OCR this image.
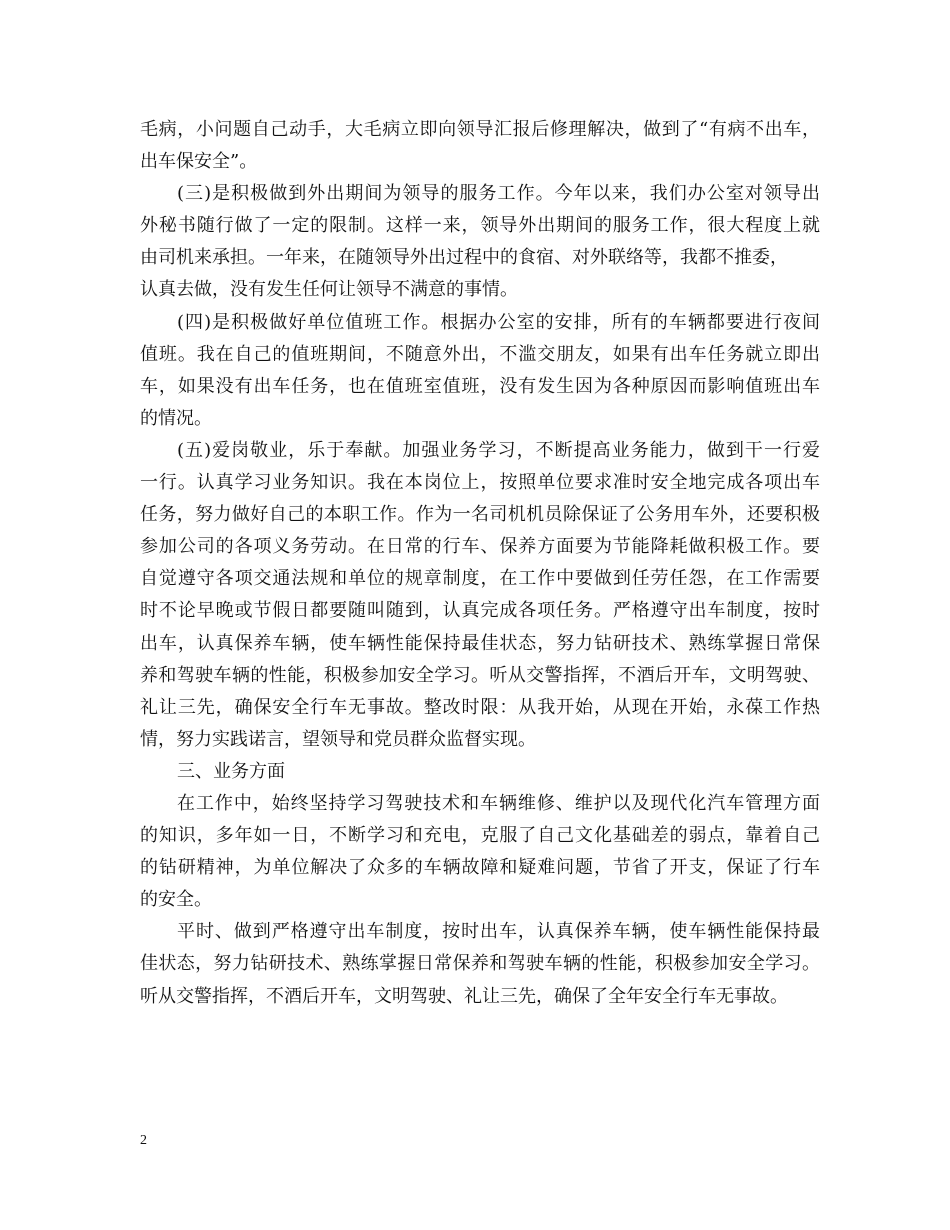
毛病，小问题自己动手，大毛病立即向领导汇报后修理解决，做到了“有病不出车，
出车保安全”。
(三)是积极做到外出期间为领导的服务工作。今年以来，我们办公室对领导出
外秘书随行做了一定的限制。这样一来，领导外出期间的服务工作，很大程度上就
由司机来承担。一年来，在随领导外出过程中的食宿、对外联络等，我都不推委，
认真去做，没有发生任何让领导不满意的事情。
(四)是积极做好单位值班工作。根据办公室的安排，所有的车辆都要进行夜间
值班。我在自己的值班期间，不随意外出，不滥交朋友，如果有出车任务就立即出
车，如果没有出车任务，也在值班室值班，没有发生因为各种原因而影响值班出车
的情况。
(五)爱岗敬业，乐于奉献。加强业务学习，不断提高业务能力，做到干一行爱
一行。认真学习业务知识。我在本岗位上，按照单位要求准时安全地完成各项出车
任务，努力做好自己的本职工作。作为一名司机机员除保证了公务用车外，还要积极
参加公司的各项义务劳动。在日常的行车、保养方面要为节能降耗做积极工作。要
自觉遵守各项交通法规和单位的规章制度，在工作中要做到任劳任怨，在工作需要
时不论早晚或节假日都要随叫随到，认真完成各项任务。严格遵守出车制度，按时
出车，认真保养车辆，使车辆性能保持最佳状态，努力钻研技术、熟练掌握日常保
养和驾驶车辆的性能，积极参加安全学习。听从交警指挥，不酒后开车，文明驾驶、
礼让三先，确保安全行车无事故。整改时限：从我开始，从现在开始，永葆工作热
情，努力实践诺言，望领导和党员群众监督实现。
三、业务方面
在工作中，始终坚持学习驾驶技术和车辆维修、维护以及现代化汽车管理方面
的知识，多年如一日，不断学习和充电，克服了自己文化基础差的弱点，靠着自己
的钻研精神，为单位解决了众多的车辆故障和疑难问题，节省了开支，保证了行车
的安全。
平时、做到严格遵守出车制度，按时出车，认真保养车辆，使车辆性能保持最
佳状态，努力钻研技术、熟练掌握日常保养和驾驶车辆的性能，积极参加安全学习。
听从交警指挥，不酒后开车，文明驾驶、礼让三先，确保了全年安全行车无事故。
2
